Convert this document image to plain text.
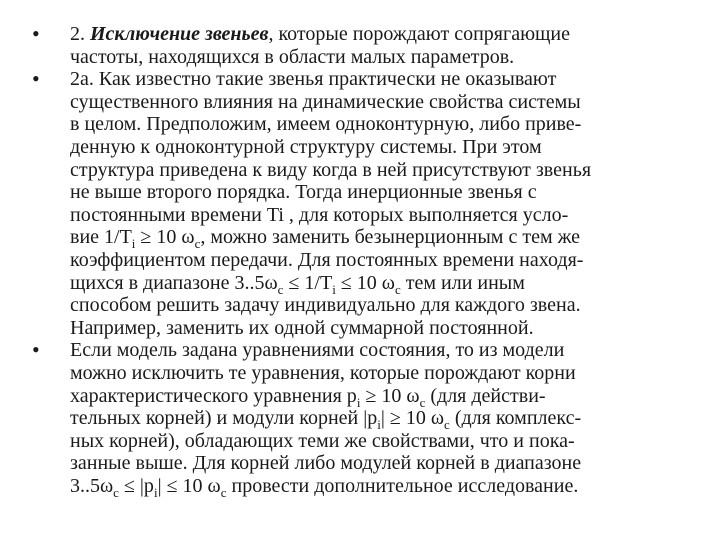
• 2. Исключение звеньев, которые порождают сопрягающие
частоты, находящихся в области малых параметров.
• 2а. Как известно такие звенья практически не оказывают
существенного влияния на динамические свойства системы
в целом. Предположим, имеем одноконтурную, либо приве-
денную к одноконтурной структуру системы. При этом
структура приведена к виду когда в ней присутствуют звенья
не выше второго порядка. Тогда инерционные звенья с
постоянными времени Ti , для которых выполняется усло-
вие $1/T_i \ge 10$ $\omega_c$, можно заменить безынерционным с тем же
коэффициентом передачи. Для постоянных времени находя-
щихся в диапазоне $3..5\omega_c \le 1/T_i \le 10$ $\omega_c$ тем или иным
способом решить задачу индивидуально для каждого звена.
Например, заменить их одной суммарной постоянной.
• Если модель задана уравнениями состояния, то из модели
можно исключить те уравнения, которые порождают корни
характеристического уравнения $p_i \ge 10$ $\omega_c$ (для действи-
тельных корней) и модули корней $|p_i| \ge 10$ $\omega_c$ (для комплекс-
ных корней), обладающих теми же свойствами, что и пока-
занные выше. Для корней либо модулей корней в диапазоне
$3..5\omega_c \le |p_i| \le 10$ $\omega_c$ провести дополнительное исследование.
